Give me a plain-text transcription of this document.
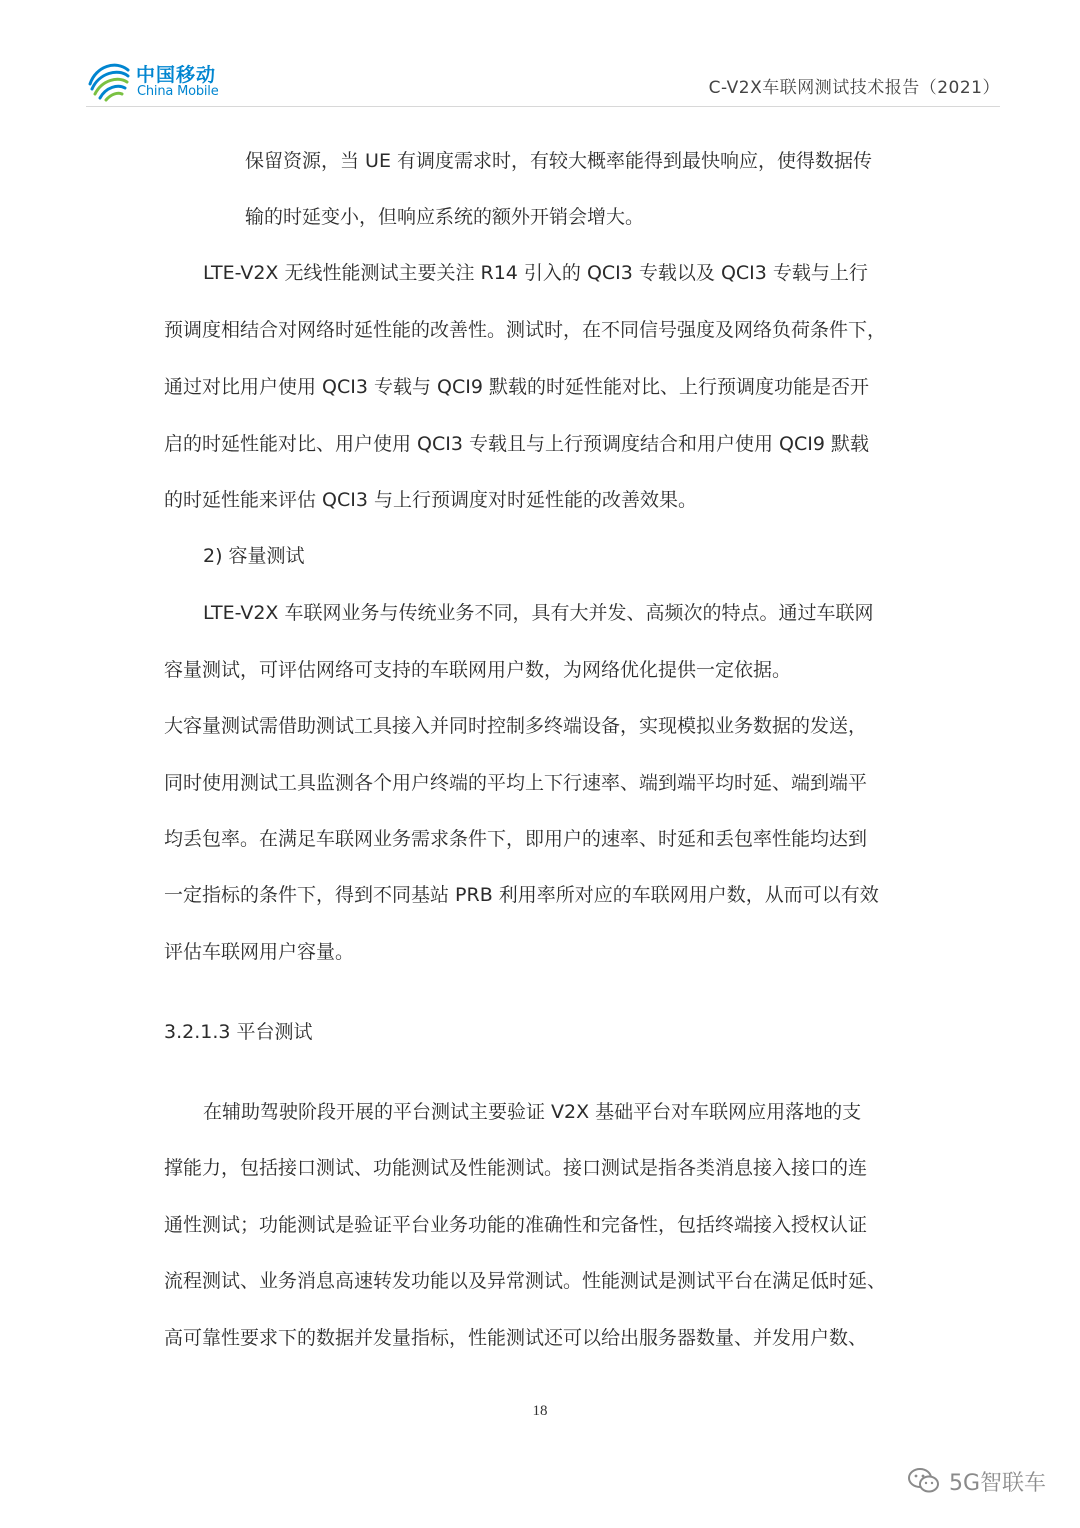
中国移动
China Mobile	C-V2X车联网测试技术报告（2021）
保留资源，当 UE 有调度需求时，有较大概率能得到最快响应，使得数据传
输的时延变小，但响应系统的额外开销会增大。
LTE-V2X 无线性能测试主要关注 R14 引入的 QCI3 专载以及 QCI3 专载与上行
预调度相结合对网络时延性能的改善性。测试时，在不同信号强度及网络负荷条件下，
通过对比用户使用 QCI3 专载与 QCI9 默载的时延性能对比、上行预调度功能是否开
启的时延性能对比、用户使用 QCI3 专载且与上行预调度结合和用户使用 QCI9 默载
的时延性能来评估 QCI3 与上行预调度对时延性能的改善效果。
2) 容量测试
LTE-V2X 车联网业务与传统业务不同，具有大并发、高频次的特点。通过车联网
容量测试，可评估网络可支持的车联网用户数，为网络优化提供一定依据。
大容量测试需借助测试工具接入并同时控制多终端设备，实现模拟业务数据的发送，
同时使用测试工具监测各个用户终端的平均上下行速率、端到端平均时延、端到端平
均丢包率。在满足车联网业务需求条件下，即用户的速率、时延和丢包率性能均达到
一定指标的条件下，得到不同基站 PRB 利用率所对应的车联网用户数，从而可以有效
评估车联网用户容量。
3.2.1.3 平台测试
在辅助驾驶阶段开展的平台测试主要验证 V2X 基础平台对车联网应用落地的支
撑能力，包括接口测试、功能测试及性能测试。接口测试是指各类消息接入接口的连
通性测试；功能测试是验证平台业务功能的准确性和完备性，包括终端接入授权认证
流程测试、业务消息高速转发功能以及异常测试。性能测试是测试平台在满足低时延、
高可靠性要求下的数据并发量指标，性能测试还可以给出服务器数量、并发用户数、
18
5G智联车
